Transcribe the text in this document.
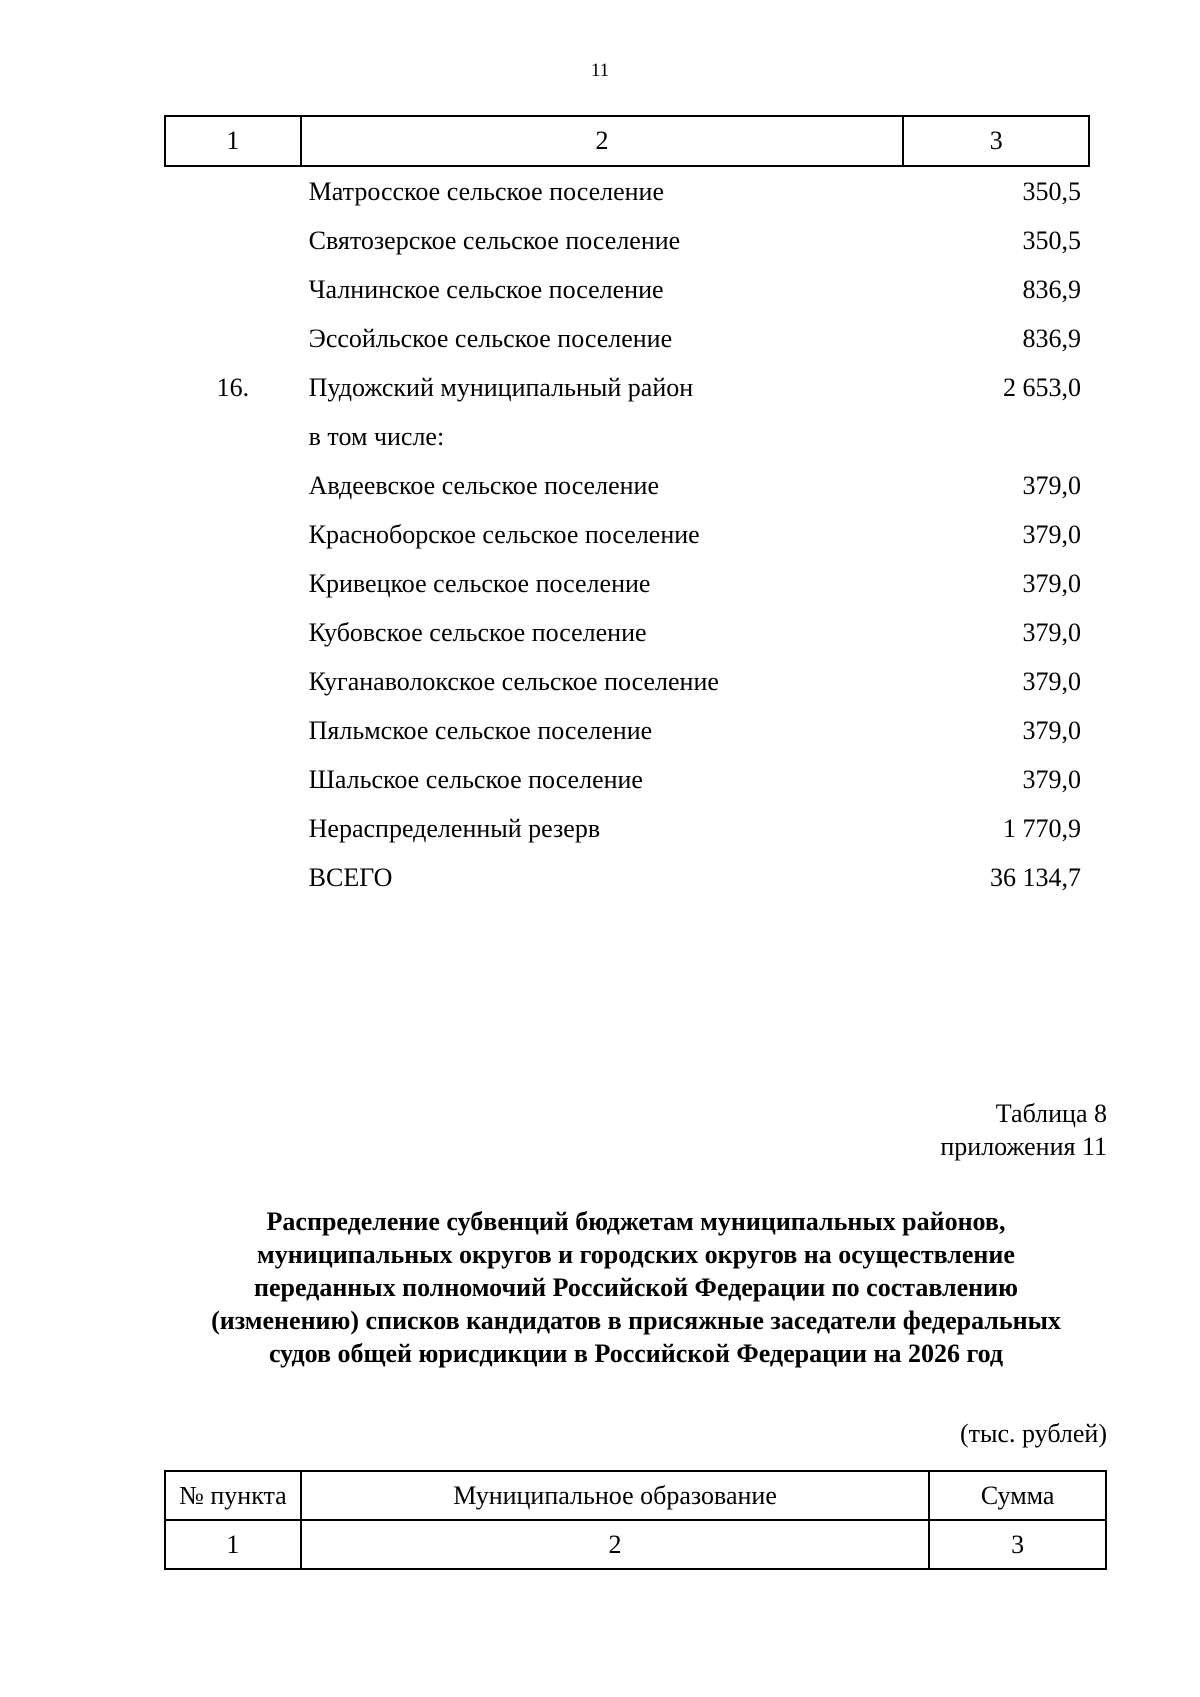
11
1	2	3
	Матросское сельское поселение	350,5
	Святозерское сельское поселение	350,5
	Чалнинское сельское поселение	836,9
	Эссойльское сельское поселение	836,9
16.	Пудожский муниципальный район	2 653,0
	в том числе:	
	Авдеевское сельское поселение	379,0
	Красноборское сельское поселение	379,0
	Кривецкое сельское поселение	379,0
	Кубовское сельское поселение	379,0
	Куганаволокское сельское поселение	379,0
	Пяльмское сельское поселение	379,0
	Шальское сельское поселение	379,0
	Нераспределенный резерв	1 770,9
	ВСЕГО	36 134,7
Таблица 8
приложения 11
Распределение субвенций бюджетам муниципальных районов,
муниципальных округов и городских округов на осуществление
переданных полномочий Российской Федерации по составлению
(изменению) списков кандидатов в присяжные заседатели федеральных
судов общей юрисдикции в Российской Федерации на 2026 год
(тыс. рублей)
№ пункта	Муниципальное образование	Сумма
1	2	3
